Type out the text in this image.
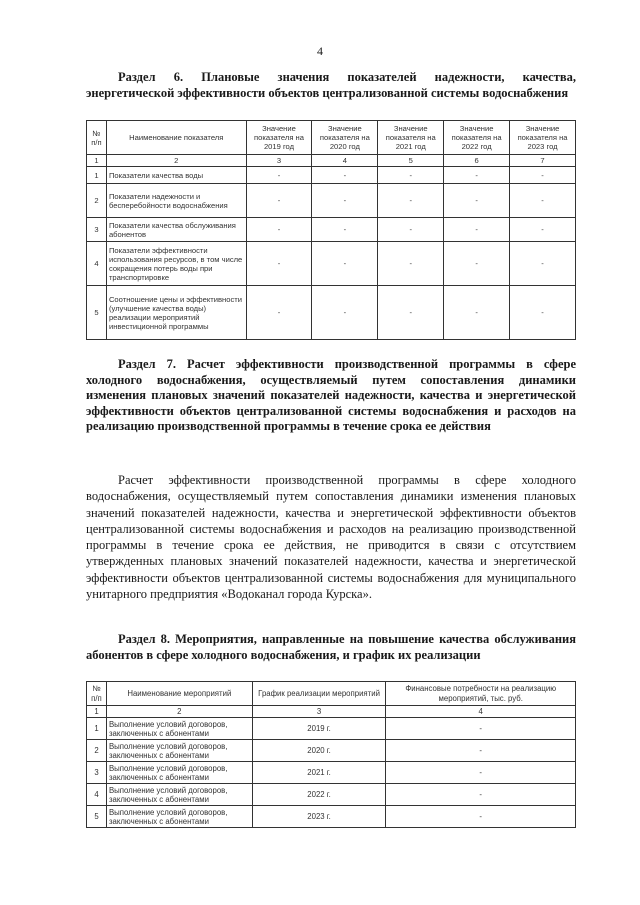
4
Раздел 6. Плановые значения показателей надежности, качества, энергетической эффективности объектов централизованной системы водоснабжения
№ п/п	Наименование показателя	Значение показателя на 2019 год	Значение показателя на 2020 год	Значение показателя на 2021 год	Значение показателя на 2022 год	Значение показателя на 2023 год
1	2	3	4	5	6	7
1	Показатели качества воды	-	-	-	-	-
2	Показатели надежности и бесперебойности водоснабжения	-	-	-	-	-
3	Показатели качества обслуживания абонентов	-	-	-	-	-
4	Показатели эффективности использования ресурсов, в том числе сокращения потерь воды при транспортировке	-	-	-	-	-
5	Соотношение цены и эффективности (улучшение качества воды) реализации мероприятий инвестиционной программы	-	-	-	-	-
Раздел 7. Расчет эффективности производственной программы в сфере холодного водоснабжения, осуществляемый путем сопоставления динамики изменения плановых значений показателей надежности, качества и энергетической эффективности объектов централизованной системы водоснабжения и расходов на реализацию производственной программы в течение срока ее действия
Расчет эффективности производственной программы в сфере холодного водоснабжения, осуществляемый путем сопоставления динамики изменения плановых значений показателей надежности, качества и энергетической эффективности объектов централизованной системы водоснабжения и расходов на реализацию производственной программы в течение срока ее действия, не приводится в связи с отсутствием утвержденных плановых значений показателей надежности, качества и энергетической эффективности объектов централизованной системы водоснабжения для муниципального унитарного предприятия «Водоканал города Курска».
Раздел 8. Мероприятия, направленные на повышение качества обслуживания абонентов в сфере холодного водоснабжения, и график их реализации
№ п/п	Наименование мероприятий	График реализации мероприятий	Финансовые потребности на реализацию мероприятий, тыс. руб.
1	2	3	4
1	Выполнение условий договоров, заключенных с абонентами	2019 г.	-
2	Выполнение условий договоров, заключенных с абонентами	2020 г.	-
3	Выполнение условий договоров, заключенных с абонентами	2021 г.	-
4	Выполнение условий договоров, заключенных с абонентами	2022 г.	-
5	Выполнение условий договоров, заключенных с абонентами	2023 г.	-
